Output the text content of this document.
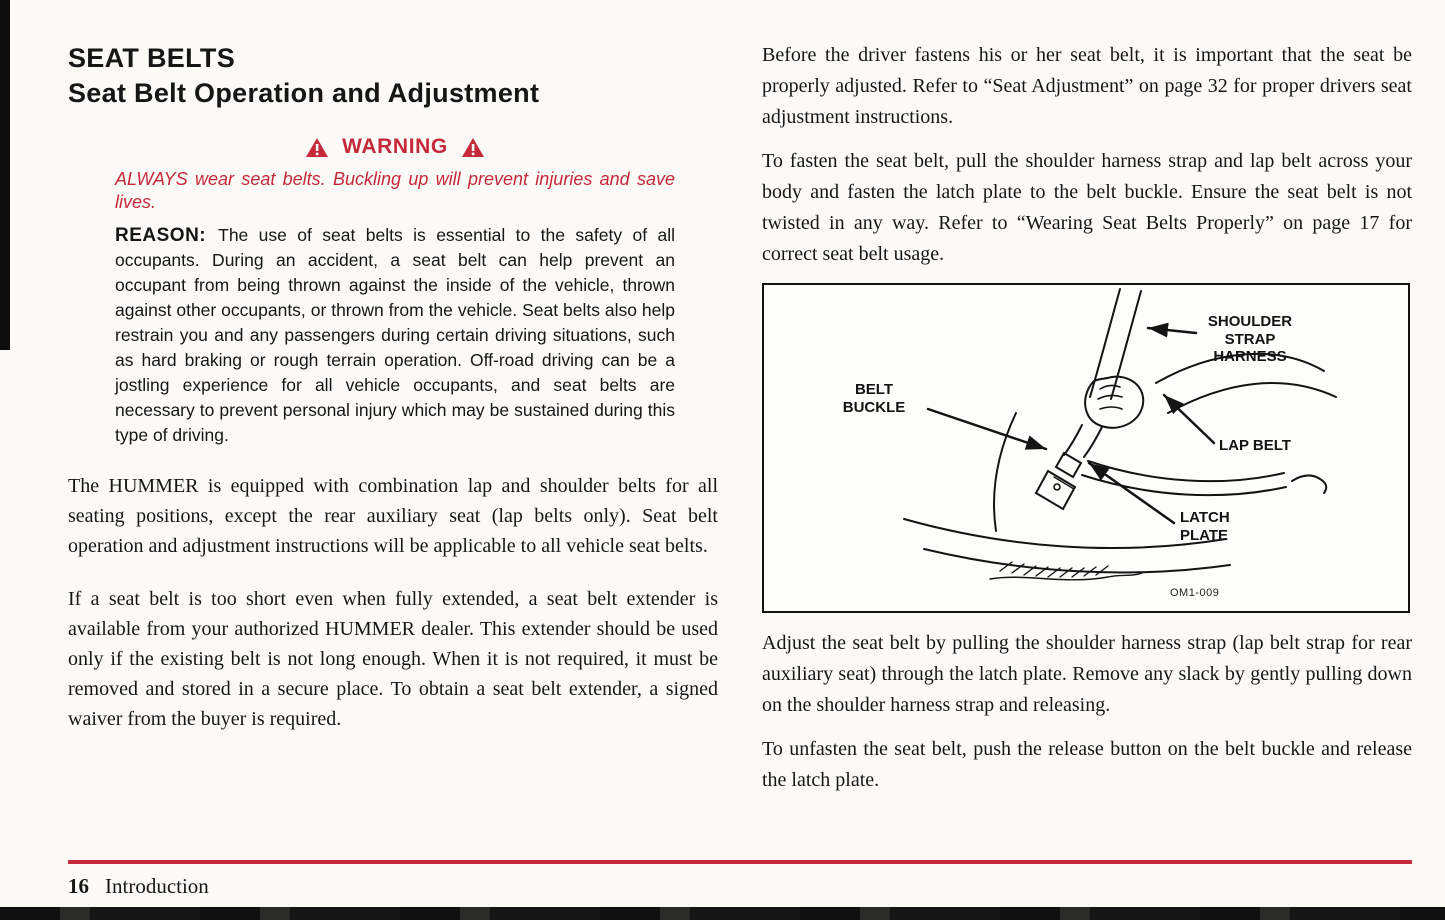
SEAT BELTS
Seat Belt Operation and Adjustment
WARNING

ALWAYS wear seat belts. Buckling up will prevent injuries and save lives.

REASON: The use of seat belts is essential to the safety of all occupants. During an accident, a seat belt can help prevent an occupant from being thrown against the inside of the vehicle, thrown against other occupants, or thrown from the vehicle. Seat belts also help restrain you and any passengers during certain driving situations, such as hard braking or rough terrain operation. Off-road driving can be a jostling experience for all vehicle occupants, and seat belts are necessary to prevent personal injury which may be sustained during this type of driving.

The HUMMER is equipped with combination lap and shoulder belts for all seating positions, except the rear auxiliary seat (lap belts only). Seat belt operation and adjustment instructions will be applicable to all vehicle seat belts.

If a seat belt is too short even when fully extended, a seat belt extender is available from your authorized HUMMER dealer. This extender should be used only if the existing belt is not long enough. When it is not required, it must be removed and stored in a secure place. To obtain a seat belt extender, a signed waiver from the buyer is required.

Before the driver fastens his or her seat belt, it is important that the seat be properly adjusted. Refer to “Seat Adjustment” on page 32 for proper drivers seat adjustment instructions.

To fasten the seat belt, pull the shoulder harness strap and lap belt across your body and fasten the latch plate to the belt buckle. Ensure the seat belt is not twisted in any way. Refer to “Wearing Seat Belts Properly” on page 17 for correct seat belt usage.

SHOULDER STRAP HARNESS
BELT BUCKLE
LAP BELT
LATCH PLATE
OM1-009

Adjust the seat belt by pulling the shoulder harness strap (lap belt strap for rear auxiliary seat) through the latch plate. Remove any slack by gently pulling down on the shoulder harness strap and releasing.

To unfasten the seat belt, push the release button on the belt buckle and release the latch plate.

16 Introduction
